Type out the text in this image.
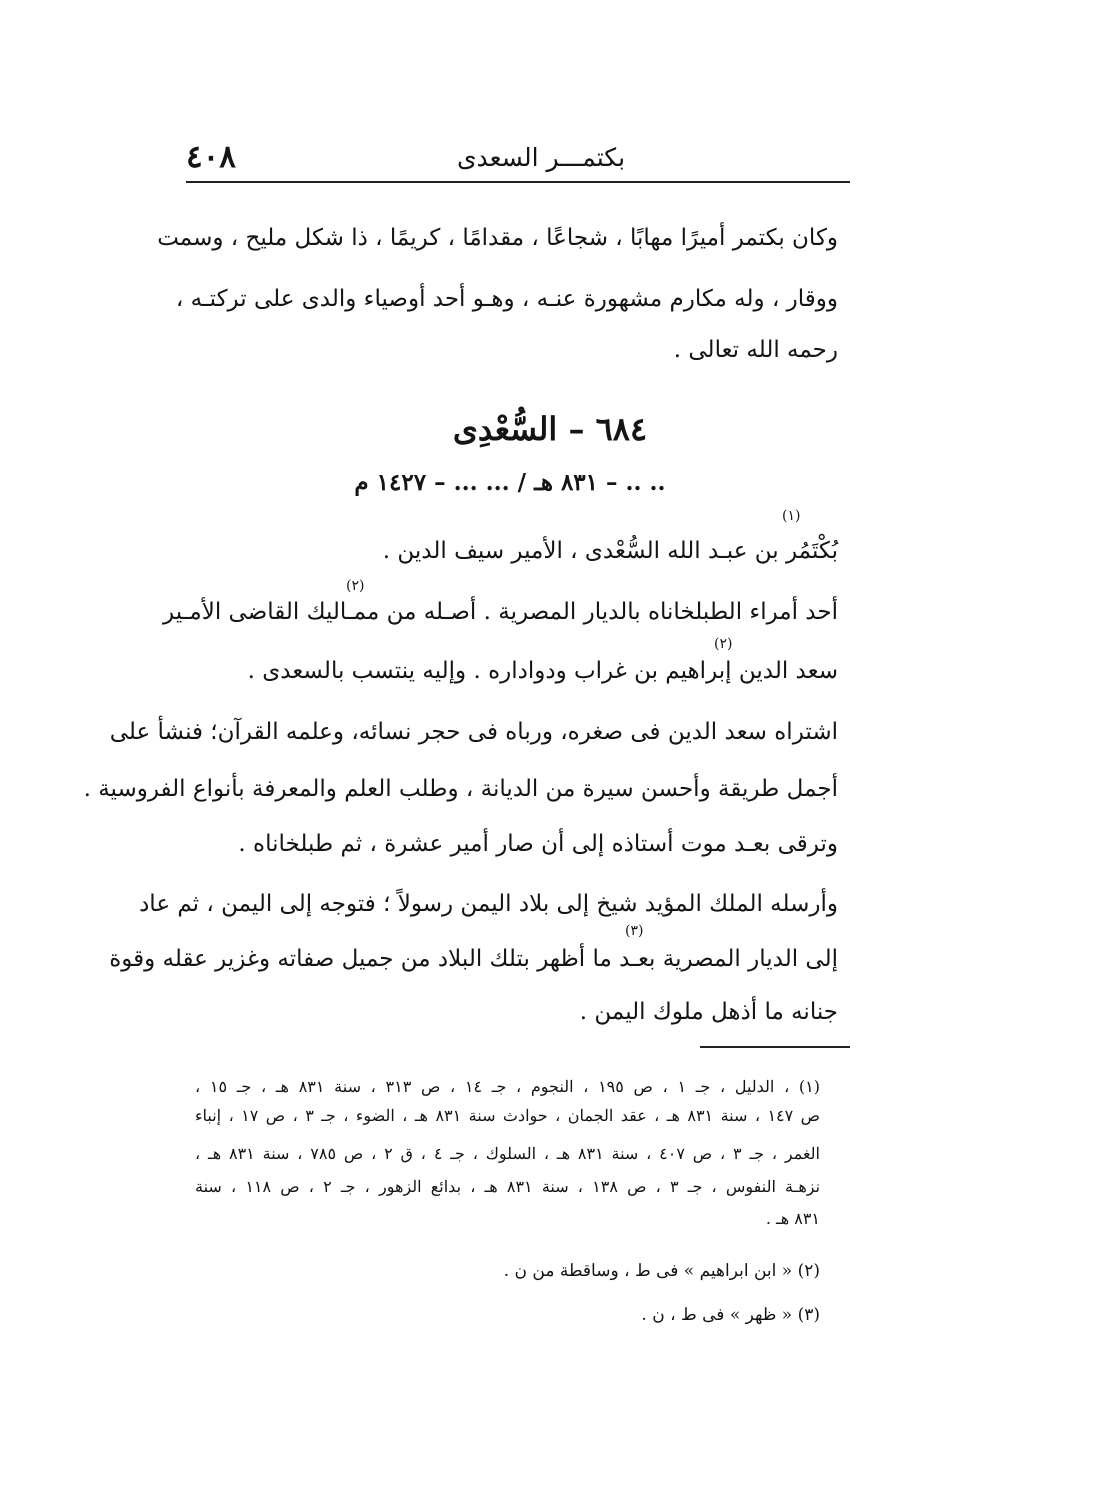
٤٠٨	بكتمـــر السعدى
وكان بكتمر أميرًا مهابًا ، شجاعًا ، مقدامًا ، كريمًا ، ذا شكل مليح ، وسمت
ووقار ، وله مكارم مشهورة عنـه ، وهـو أحد أوصياء والدى على تركتـه ،
رحمه الله تعالى .
٦٨٤ – السُّعْدِى
.. .. – ٨٣١ هـ / ... ... – ١٤٢٧ م
بُكْتَمُر بن عبـد الله السُّعْدى ، الأمير سيف الدين .
(١)
أحد أمراء الطبلخاناه بالديار المصرية . أصـله من ممـاليك القاضى الأمـير
سعد الدين إبراهيم بن غراب ودواداره . وإليه ينتسب بالسعدى .
(٢)
(٢)
اشتراه سعد الدين فى صغره، ورباه فى حجر نسائه، وعلمه القرآن؛ فنشأ على
أجمل طريقة وأحسن سيرة من الديانة ، وطلب العلم والمعرفة بأنواع الفروسية .
وترقى بعـد موت أستاذه إلى أن صار أمير عشرة ، ثم طبلخاناه .
وأرسله الملك المؤيد شيخ إلى بلاد اليمن رسولاً ؛ فتوجه إلى اليمن ، ثم عاد
إلى الديار المصرية بعـد ما أظهر بتلك البلاد من جميل صفاته وغزير عقله وقوة
جنانه ما أذهل ملوك اليمن .
(٣)
(١) ، الدليل ، جـ ١ ، ص ١٩٥ ، النجوم ، جـ ١٤ ، ص ٣١٣ ، سنة ٨٣١ هـ ، جـ ١٥ ،
ص ١٤٧ ، سنة ٨٣١ هـ ، عقد الجمان ، حوادث سنة ٨٣١ هـ ، الضوء ، جـ ٣ ، ص ١٧ ، إنباء
الغمر ، جـ ٣ ، ص ٤٠٧ ، سنة ٨٣١ هـ ، السلوك ، جـ ٤ ، ق ٢ ، ص ٧٨٥ ، سنة ٨٣١ هـ ،
نزهـة النفوس ، جـ ٣ ، ص ١٣٨ ، سنة ٨٣١ هـ ، بدائع الزهور ، جـ ٢ ، ص ١١٨ ، سنة
٨٣١ هـ .
(٢) « ابن ابراهيم » فى ط ، وساقطة من ن .
(٣) « ظهر » فى ط ، ن .
